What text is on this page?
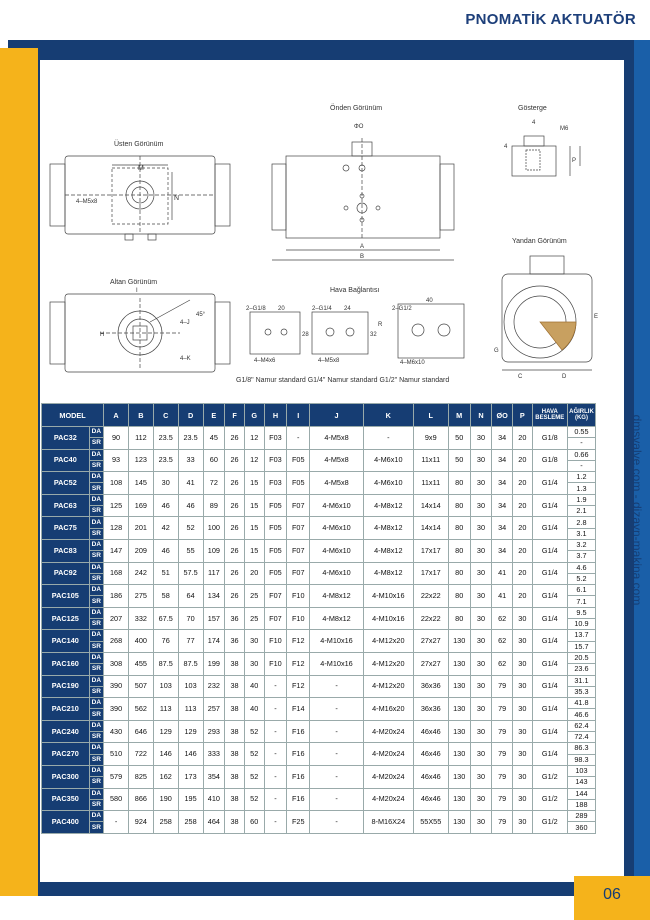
PNOMATİK AKTUATÖR
dmsvalve.com - dizayn-makina.com
06
Üsten Görünüm
M
N
4–M5x8
Önden Görünüm
ΦO
A
B
Gösterge
4
M6
P
4
Yandan Görünüm
E
C	D
G
Altan Görünüm
H
4–J
4–K
45°
I	Hava Bağlantısı
2–G1/8 20	2–G1/4 24	2–G1/2
40
4–M4x6	4–M5x8	4–M6x10
28	32
R
G1/8" Namur standard G1/4" Namur standard G1/2" Namur standard
MODEL		A	B	C	D	E	F	G	H	I	J	K	L	M	N	ØO	P	HAVA BESLEME	AĞIRLIK (KG)
PAC32	DA	90	112	23.5	23.5	45	26	12	F03	-	4-M5x8	-	9x9	50	30	34	20	G1/8	0.55
	SR																		-
PAC40	DA	93	123	23.5	33	60	26	12	F03	F05	4-M5x8	4-M6x10	11x11	50	30	34	20	G1/8	0.66
	SR																		-
PAC52	DA	108	145	30	41	72	26	15	F03	F05	4-M5x8	4-M6x10	11x11	80	30	34	20	G1/4	1.2
	SR																		1.3
PAC63	DA	125	169	46	46	89	26	15	F05	F07	4-M6x10	4-M8x12	14x14	80	30	34	20	G1/4	1.9
	SR																		2.1
PAC75	DA	128	201	42	52	100	26	15	F05	F07	4-M6x10	4-M8x12	14x14	80	30	34	20	G1/4	2.8
	SR																		3.1
PAC83	DA	147	209	46	55	109	26	15	F05	F07	4-M6x10	4-M8x12	17x17	80	30	34	20	G1/4	3.2
	SR																		3.7
PAC92	DA	168	242	51	57.5	117	26	20	F05	F07	4-M6x10	4-M8x12	17x17	80	30	41	20	G1/4	4.6
	SR																		5.2
PAC105	DA	186	275	58	64	134	26	25	F07	F10	4-M8x12	4-M10x16	22x22	80	30	41	20	G1/4	6.1
	SR																		7.1
PAC125	DA	207	332	67.5	70	157	36	25	F07	F10	4-M8x12	4-M10x16	22x22	80	30	62	30	G1/4	9.5
	SR																		10.9
PAC140	DA	268	400	76	77	174	36	30	F10	F12	4-M10x16	4-M12x20	27x27	130	30	62	30	G1/4	13.7
	SR																		15.7
PAC160	DA	308	455	87.5	87.5	199	38	30	F10	F12	4-M10x16	4-M12x20	27x27	130	30	62	30	G1/4	20.5
	SR																		23.6
PAC190	DA	390	507	103	103	232	38	40	-	F12	-	4-M12x20	36x36	130	30	79	30	G1/4	31.1
	SR																		35.3
PAC210	DA	390	562	113	113	257	38	40	-	F14	-	4-M16x20	36x36	130	30	79	30	G1/4	41.8
	SR																		46.6
PAC240	DA	430	646	129	129	293	38	52	-	F16	-	4-M20x24	46x46	130	30	79	30	G1/4	62.4
	SR																		72.4
PAC270	DA	510	722	146	146	333	38	52	-	F16	-	4-M20x24	46x46	130	30	79	30	G1/4	86.3
	SR																		98.3
PAC300	DA	579	825	162	173	354	38	52	-	F16	-	4-M20x24	46x46	130	30	79	30	G1/2	103
	SR																		143
PAC350	DA	580	866	190	195	410	38	52	-	F16	-	4-M20x24	46x46	130	30	79	30	G1/2	144
	SR																		188
PAC400	DA	-	924	258	258	464	38	60	-	F25	-	8-M16X24	55X55	130	30	79	30	G1/2	289
	SR																		360
